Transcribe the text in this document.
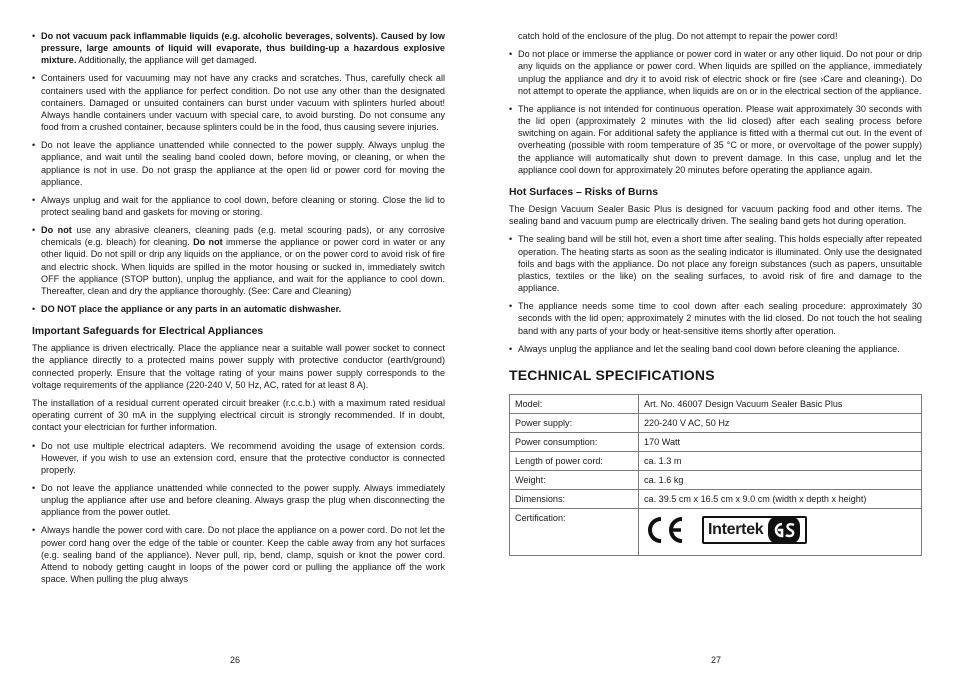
• Do not vacuum pack inflammable liquids (e.g. alcoholic beverages, solvents). Caused by low pressure, large amounts of liquid will evaporate, thus building-up a hazardous explosive mixture. Additionally, the appliance will get damaged.
• Containers used for vacuuming may not have any cracks and scratches. Thus, carefully check all containers used with the appliance for perfect condition. Do not use any other than the designated containers. Damaged or unsuited containers can burst under vacuum with splinters hurled about! Always handle containers under vacuum with special care, to avoid bursting. Do not consume any food from a crushed container, because splinters could be in the food, thus causing severe injuries.
• Do not leave the appliance unattended while connected to the power supply. Always unplug the appliance, and wait until the sealing band cooled down, before moving, or cleaning, or when the appliance is not in use. Do not grasp the appliance at the open lid or power cord for moving the appliance.
• Always unplug and wait for the appliance to cool down, before cleaning or storing. Close the lid to protect sealing band and gaskets for moving or storing.
• Do not use any abrasive cleaners, cleaning pads (e.g. metal scouring pads), or any corrosive chemicals (e.g. bleach) for cleaning. Do not immerse the appliance or power cord in water or any other liquid. Do not spill or drip any liquids on the appliance, or on the power cord to avoid risk of fire and electric shock. When liquids are spilled in the motor housing or sucked in, immediately switch OFF the appliance (STOP button), unplug the appliance, and wait for the appliance to cool down. Thereafter, clean and dry the appliance thoroughly. (See: Care and Cleaning)
• DO NOT place the appliance or any parts in an automatic dishwasher.
Important Safeguards for Electrical Appliances

The appliance is driven electrically. Place the appliance near a suitable wall power socket to connect the appliance directly to a protected mains power supply with protective conductor (earth/ground) connected properly. Ensure that the voltage rating of your mains power supply corresponds to the voltage requirements of the appliance (220-240 V, 50 Hz, AC, rated for at least 8 A).

The installation of a residual current operated circuit breaker (r.c.c.b.) with a maximum rated residual operating current of 30 mA in the supplying electrical circuit is strongly recommended. If in doubt, contact your electrician for further information.

• Do not use multiple electrical adapters. We recommend avoiding the usage of extension cords. However, if you wish to use an extension cord, ensure that the protective conductor is connected properly.
• Do not leave the appliance unattended while connected to the power supply. Always immediately unplug the appliance after use and before cleaning. Always grasp the plug when disconnecting the appliance from the power outlet.
• Always handle the power cord with care. Do not place the appliance on a power cord. Do not let the power cord hang over the edge of the table or counter. Keep the cable away from any hot surfaces (e.g. sealing band of the appliance). Never pull, rip, bend, clamp, squish or knot the power cord. Attend to nobody getting caught in loops of the power cord or pulling the appliance off the work space. When pulling the plug always
26

catch hold of the enclosure of the plug. Do not attempt to repair the power cord!

• Do not place or immerse the appliance or power cord in water or any other liquid. Do not pour or drip any liquids on the appliance or power cord. When liquids are spilled on the appliance, immediately unplug the appliance and dry it to avoid risk of electric shock or fire (see ›Care and cleaning‹). Do not attempt to operate the appliance, when liquids are on or in the electrical section of the appliance.
• The appliance is not intended for continuous operation. Please wait approximately 30 seconds with the lid open (approximately 2 minutes with the lid closed) after each sealing process before switching on again. For additional safety the appliance is fitted with a thermal cut out. In the event of overheating (possible with room temperature of 35 °C or more, or overvoltage of the power supply) the appliance will automatically shut down to prevent damage. In this case, unplug and let the appliance cool down for approximately 20 minutes before operating the appliance again.
Hot Surfaces – Risks of Burns

The Design Vacuum Sealer Basic Plus is designed for vacuum packing food and other items. The sealing band and vacuum pump are electrically driven. The sealing band gets hot during operation.

• The sealing band will be still hot, even a short time after sealing. This holds especially after repeated operation. The heating starts as soon as the sealing indicator is illuminated. Only use the designated foils and bags with the appliance. Do not place any foreign substances (such as papers, unsuitable plastics, textiles or the like) on the sealing surfaces, to avoid risk of fire and damage to the appliance.
• The appliance needs some time to cool down after each sealing procedure: approximately 30 seconds with the lid open; approximately 2 minutes with the lid closed. Do not touch the hot sealing band with any parts of your body or heat-sensitive items shortly after operation.
• Always unplug the appliance and let the sealing band cool down before cleaning the appliance.
TECHNICAL SPECIFICATIONS
Model:	Art. No. 46007 Design Vacuum Sealer Basic Plus
Power supply:	220-240 V AC, 50 Hz
Power consumption:	170 Watt
Length of power cord:	ca. 1.3 m
Weight:	ca. 1.6 kg
Dimensions:	ca. 39.5 cm x 16.5 cm x 9.0 cm (width x depth x height)
Certification:	Intertek
27
